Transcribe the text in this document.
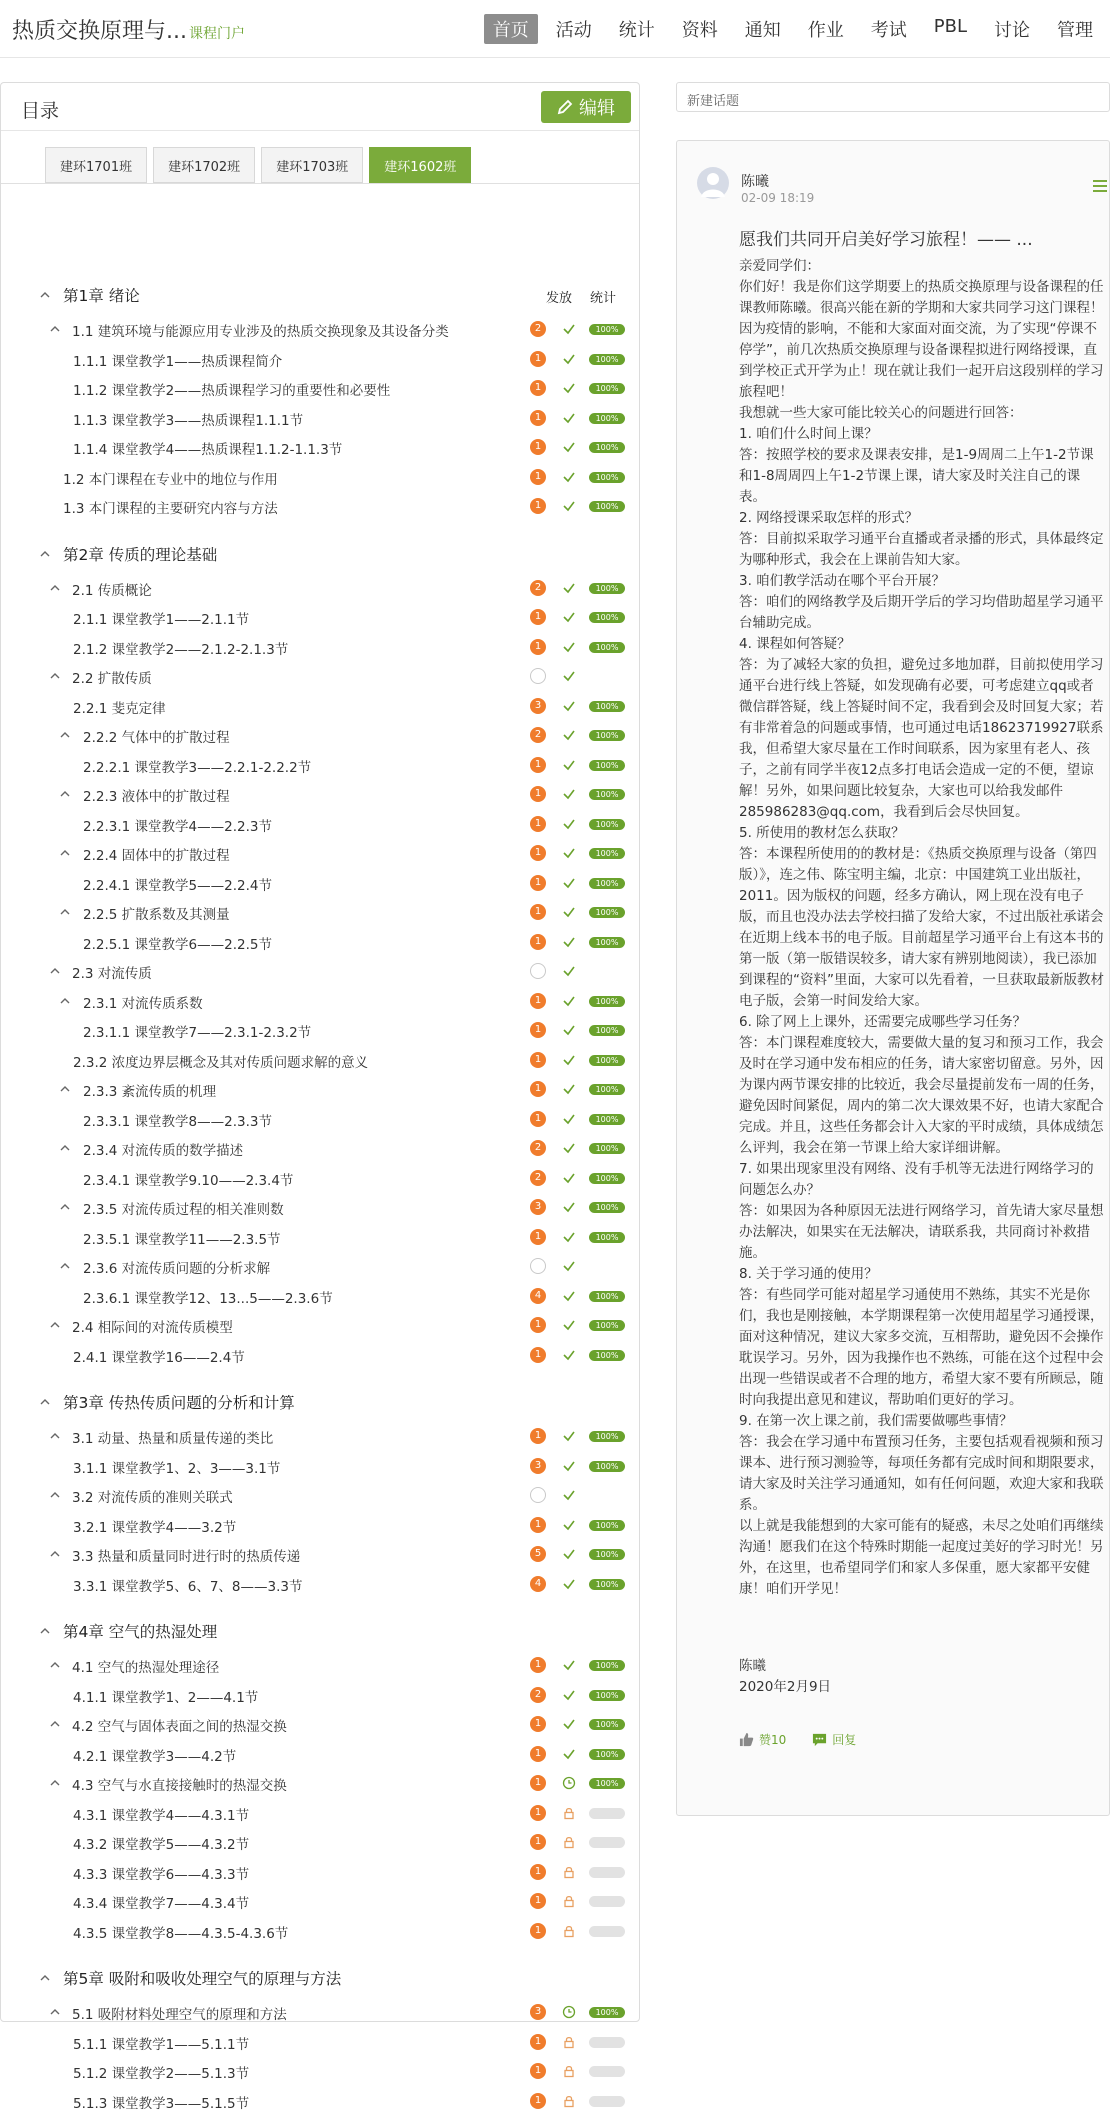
热质交换原理与... 课程门户	首页	活动	统计	资料	通知	作业	考试	PBL	讨论	管理
目录	编辑
建环1701班	建环1702班	建环1703班	建环1602班
第1章 绪论	发放 统计
1.1 建筑环境与能源应用专业涉及的热质交换现象及其设备分类	2	100%
1.1.1 课堂教学1——热质课程简介	1	100%
1.1.2 课堂教学2——热质课程学习的重要性和必要性	1	100%
1.1.3 课堂教学3——热质课程1.1.1节	1	100%
1.1.4 课堂教学4——热质课程1.1.2-1.1.3节	1	100%
1.2 本门课程在专业中的地位与作用	1	100%
1.3 本门课程的主要研究内容与方法	1	100%
第2章 传质的理论基础
2.1 传质概论	2	100%
2.1.1 课堂教学1——2.1.1节	1	100%
2.1.2 课堂教学2——2.1.2-2.1.3节	1	100%
2.2 扩散传质
2.2.1 斐克定律	3	100%
2.2.2 气体中的扩散过程	2	100%
2.2.2.1 课堂教学3——2.2.1-2.2.2节	1	100%
2.2.3 液体中的扩散过程	1	100%
2.2.3.1 课堂教学4——2.2.3节	1	100%
2.2.4 固体中的扩散过程	1	100%
2.2.4.1 课堂教学5——2.2.4节	1	100%
2.2.5 扩散系数及其测量	1	100%
2.2.5.1 课堂教学6——2.2.5节	1	100%
2.3 对流传质
2.3.1 对流传质系数	1	100%
2.3.1.1 课堂教学7——2.3.1-2.3.2节	1	100%
2.3.2 浓度边界层概念及其对传质问题求解的意义	1	100%
2.3.3 紊流传质的机理	1	100%
2.3.3.1 课堂教学8——2.3.3节	1	100%
2.3.4 对流传质的数学描述	2	100%
2.3.4.1 课堂教学9.10——2.3.4节	2	100%
2.3.5 对流传质过程的相关准则数	3	100%
2.3.5.1 课堂教学11——2.3.5节	1	100%
2.3.6 对流传质问题的分析求解
2.3.6.1 课堂教学12、13...5——2.3.6节	4	100%
2.4 相际间的对流传质模型	1	100%
2.4.1 课堂教学16——2.4节	1	100%
第3章 传热传质问题的分析和计算
3.1 动量、热量和质量传递的类比	1	100%
3.1.1 课堂教学1、2、3——3.1节	3	100%
3.2 对流传质的准则关联式
3.2.1 课堂教学4——3.2节	1	100%
3.3 热量和质量同时进行时的热质传递	5	100%
3.3.1 课堂教学5、6、7、8——3.3节	4	100%
第4章 空气的热湿处理
4.1 空气的热湿处理途径	1	100%
4.1.1 课堂教学1、2——4.1节	2	100%
4.2 空气与固体表面之间的热湿交换	1	100%
4.2.1 课堂教学3——4.2节	1	100%
4.3 空气与水直接接触时的热湿交换	1	100%
4.3.1 课堂教学4——4.3.1节	1
4.3.2 课堂教学5——4.3.2节	1
4.3.3 课堂教学6——4.3.3节	1
4.3.4 课堂教学7——4.3.4节	1
4.3.5 课堂教学8——4.3.5-4.3.6节	1
第5章 吸附和吸收处理空气的原理与方法
5.1 吸附材料处理空气的原理和方法	3	100%
5.1.1 课堂教学1——5.1.1节	1
5.1.2 课堂教学2——5.1.3节	1
5.1.3 课堂教学3——5.1.5节	1
新建话题
陈曦
02-09 18:19
愿我们共同开启美好学习旅程！—— ...

亲爱同学们：

你们好！我是你们这学期要上的热质交换原理与设备课程的任课教师陈曦。很高兴能在新的学期和大家共同学习这门课程！

因为疫情的影响，不能和大家面对面交流，为了实现“停课不停学”，前几次热质交换原理与设备课程拟进行网络授课，直到学校正式开学为止！现在就让我们一起开启这段别样的学习旅程吧！

我想就一些大家可能比较关心的问题进行回答：

1. 咱们什么时间上课？

答：按照学校的要求及课表安排，是1-9周周二上午1-2节课和1-8周周四上午1-2节课上课，请大家及时关注自己的课表。

2. 网络授课采取怎样的形式？

答：目前拟采取学习通平台直播或者录播的形式，具体最终定为哪种形式，我会在上课前告知大家。

3. 咱们教学活动在哪个平台开展？

答：咱们的网络教学及后期开学后的学习均借助超星学习通平台辅助完成。

4. 课程如何答疑？

答：为了减轻大家的负担，避免过多地加群，目前拟使用学习通平台进行线上答疑，如发现确有必要，可考虑建立qq或者微信群答疑，线上答疑时间不定，我看到会及时回复大家；若有非常着急的问题或事情，也可通过电话18623719927联系我，但希望大家尽量在工作时间联系，因为家里有老人、孩子，之前有同学半夜12点多打电话会造成一定的不便，望谅解！另外，如果问题比较复杂，大家也可以给我发邮件285986283@qq.com，我看到后会尽快回复。

5. 所使用的教材怎么获取？

答：本课程所使用的的教材是：《热质交换原理与设备（第四版）》，连之伟、陈宝明主编，北京：中国建筑工业出版社，2011。因为版权的问题，经多方确认，网上现在没有电子版，而且也没办法去学校扫描了发给大家，不过出版社承诺会在近期上线本书的电子版。目前超星学习通平台上有这本书的第一版（第一版错误较多，请大家有辨别地阅读），我已添加到课程的“资料”里面，大家可以先看着，一旦获取最新版教材电子版，会第一时间发给大家。

6. 除了网上上课外，还需要完成哪些学习任务？

答：本门课程难度较大，需要做大量的复习和预习工作，我会及时在学习通中发布相应的任务，请大家密切留意。另外，因为课内两节课安排的比较近，我会尽量提前发布一周的任务，避免因时间紧促，周内的第二次大课效果不好，也请大家配合完成。并且，这些任务都会计入大家的平时成绩，具体成绩怎么评判，我会在第一节课上给大家详细讲解。

7. 如果出现家里没有网络、没有手机等无法进行网络学习的问题怎么办？

答：如果因为各种原因无法进行网络学习，首先请大家尽量想办法解决，如果实在无法解决，请联系我，共同商讨补救措施。

8. 关于学习通的使用？

答：有些同学可能对超星学习通使用不熟练，其实不光是你们，我也是刚接触，本学期课程第一次使用超星学习通授课，面对这种情况，建议大家多交流，互相帮助，避免因不会操作耽误学习。另外，因为我操作也不熟练，可能在这个过程中会出现一些错误或者不合理的地方，希望大家不要有所顾忌，随时向我提出意见和建议，帮助咱们更好的学习。

9. 在第一次上课之前，我们需要做哪些事情？

答：我会在学习通中布置预习任务，主要包括观看视频和预习课本、进行预习测验等，每项任务都有完成时间和期限要求，请大家及时关注学习通通知，如有任何问题，欢迎大家和我联系。

以上就是我能想到的大家可能有的疑惑，未尽之处咱们再继续沟通！愿我们在这个特殊时期能一起度过美好的学习时光！另外，在这里，也希望同学们和家人多保重，愿大家都平安健康！咱们开学见！

陈曦
2020年2月9日
赞10	回复
